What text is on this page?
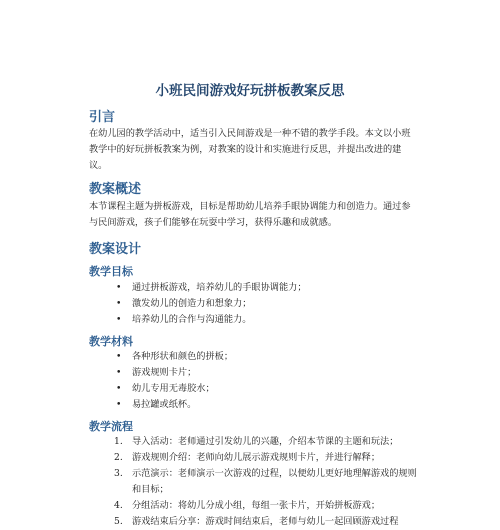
小班民间游戏好玩拼板教案反思
引言

在幼儿园的教学活动中，适当引入民间游戏是一种不错的教学手段。本文以小班教学中的好玩拼板教案为例，对教案的设计和实施进行反思，并提出改进的建议。

教案概述

本节课程主题为拼板游戏，目标是帮助幼儿培养手眼协调能力和创造力。通过参与民间游戏，孩子们能够在玩耍中学习，获得乐趣和成就感。

教案设计
教学目标
• 通过拼板游戏，培养幼儿的手眼协调能力；
• 激发幼儿的创造力和想象力；
• 培养幼儿的合作与沟通能力。
教学材料
• 各种形状和颜色的拼板；
• 游戏规则卡片；
• 幼儿专用无毒胶水；
• 易拉罐或纸杯。
教学流程
1. 导入活动：老师通过引发幼儿的兴趣，介绍本节课的主题和玩法；
2. 游戏规则介绍：老师向幼儿展示游戏规则卡片，并进行解释；
3. 示范演示：老师演示一次游戏的过程，以便幼儿更好地理解游戏的规则和目标；
4. 分组活动：将幼儿分成小组，每组一张卡片，开始拼板游戏；
5. 游戏结束后分享：游戏时间结束后，老师与幼儿一起回顾游戏过程
